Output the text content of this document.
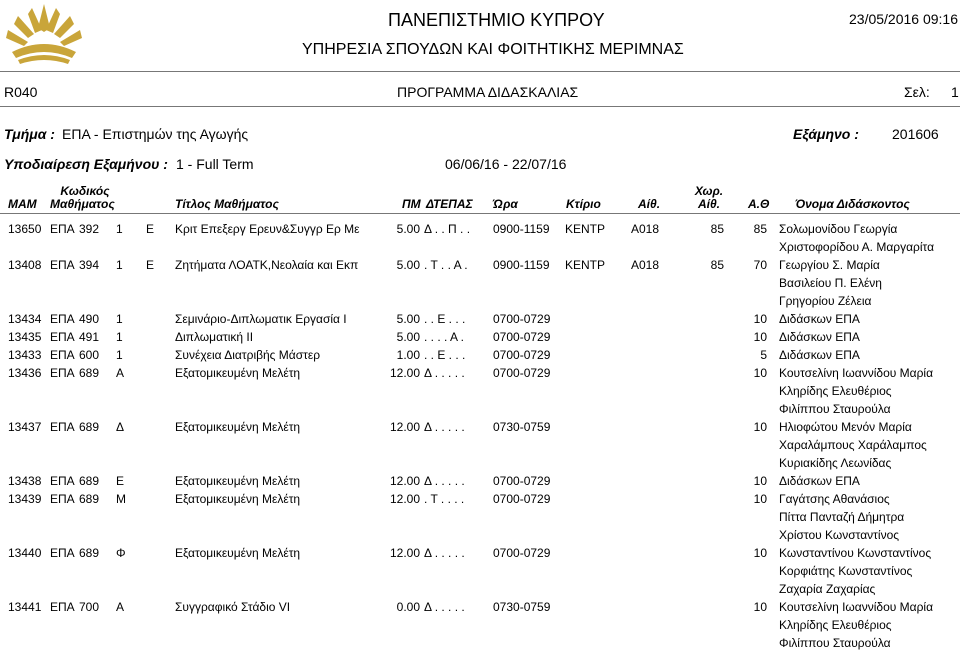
ΠΑΝΕΠΙΣΤΗΜΙΟ ΚΥΠΡΟΥ
ΥΠΗΡΕΣΙΑ ΣΠΟΥΔΩΝ ΚΑΙ ΦΟΙΤΗΤΙΚΗΣ ΜΕΡΙΜΝΑΣ
23/05/2016 09:16
R040	ΠΡΟΓΡΑΜΜΑ ΔΙΔΑΣΚΑΛΙΑΣ	Σελ: 1
Τμήμα : ΕΠΑ - Επιστημών της Αγωγής	Εξάμηνο : 201606
Υποδιαίρεση Εξαμήνου : 1 - Full Term	06/06/16 - 22/07/16
ΜΑΜ
Κωδικός
Μαθήματος	Τίτλος Μαθήματος	ΠΜ ΔΤΕΠΑΣ Ώρα	Κτίριο	Αίθ.
Χωρ.
Αίθ.	Α.Θ Όνομα Διδάσκοντος
13650 ΕΠΑ 392 1 Ε Κριτ Επεξεργ Ερευν&Συγγρ Ερ Με	5.00 Δ . . Π . . 0900-1159 ΚΕΝΤΡ Α018	85	85 Σολωμονίδου Γεωργία
Χριστοφορίδου Α. Μαργαρίτα
13408 ΕΠΑ 394 1 Ε Ζητήματα ΛΟΑΤΚ,Νεολαία και Εκπ	5.00 . Τ . . Α . 0900-1159 ΚΕΝΤΡ Α018	85	70 Γεωργίου Σ. Μαρία
Βασιλείου Π. Ελένη
Γρηγορίου Ζέλεια
13434 ΕΠΑ 490 1	Σεμινάριο-Διπλωματικ Εργασία Ι	5.00 . . Ε . . . 0700-0729	10 Διδάσκων ΕΠΑ
13435 ΕΠΑ 491 1	Διπλωματική ΙΙ	5.00 . . . . Α . 0700-0729	10 Διδάσκων ΕΠΑ
13433 ΕΠΑ 600 1	Συνέχεια Διατριβής Μάστερ	1.00 . . Ε . . . 0700-0729	5 Διδάσκων ΕΠΑ
13436 ΕΠΑ 689 Α	Εξατομικευμένη Μελέτη	12.00 Δ . . . . . 0700-0729	10 Κουτσελίνη Ιωαννίδου Μαρία
Κληρίδης Ελευθέριος
Φιλίππου Σταυρούλα
13437 ΕΠΑ 689 Δ	Εξατομικευμένη Μελέτη	12.00 Δ . . . . . 0730-0759	10 Ηλιοφώτου Μενόν Μαρία
Χαραλάμπους Χαράλαμπος
Κυριακίδης Λεωνίδας
13438 ΕΠΑ 689 Ε	Εξατομικευμένη Μελέτη	12.00 Δ . . . . . 0700-0729	10 Διδάσκων ΕΠΑ
13439 ΕΠΑ 689 Μ	Εξατομικευμένη Μελέτη	12.00 . Τ . . . . 0700-0729	10 Γαγάτσης Αθανάσιος
Πίττα Πανταζή Δήμητρα
Χρίστου Κωνσταντίνος
13440 ΕΠΑ 689 Φ	Εξατομικευμένη Μελέτη	12.00 Δ . . . . . 0700-0729	10 Κωνσταντίνου Κωνσταντίνος
Κορφιάτης Κωνσταντίνος
Ζαχαρία Ζαχαρίας
13441 ΕΠΑ 700 Α	Συγγραφικό Στάδιο VI	0.00 Δ . . . . . 0730-0759	10 Κουτσελίνη Ιωαννίδου Μαρία
Κληρίδης Ελευθέριος
Φιλίππου Σταυρούλα
